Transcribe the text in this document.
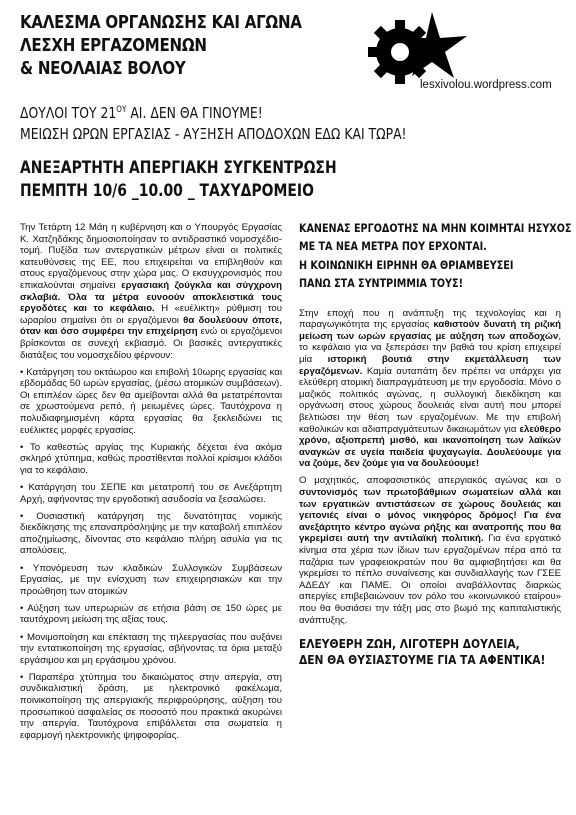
ΚΑΛΕΣΜΑ ΟΡΓΑΝΩΣΗΣ ΚΑΙ ΑΓΩΝΑ
ΛΕΣΧΗ ΕΡΓΑΖΟΜΕΝΩΝ
& ΝΕΟΛΑΙΑΣ ΒΟΛΟΥ
lesxivolou.wordpress.com
ΔΟΥΛΟΙ ΤΟΥ $21^{O\Upsilon}$ ΑΙ. ΔΕΝ ΘΑ ΓΙΝΟΥΜΕ!
ΜΕΙΩΣΗ ΩΡΩΝ ΕΡΓΑΣΙΑΣ - ΑΥΞΗΣΗ ΑΠΟΔΟΧΩΝ ΕΔΩ ΚΑΙ ΤΩΡΑ!
ΑΝΕΞΑΡΤΗΤΗ ΑΠΕΡΓΙΑΚΗ ΣΥΓΚΕΝΤΡΩΣΗ
ΠΕΜΠΤΗ 10/6 _10.00 _ ΤΑΧΥΔΡΟΜΕΙΟ

Την Τετάρτη 12 Μάη η κυβέρνηση και ο Υπουργός Εργασίας Κ. Χατζηδάκης δημοσιοποίησαν το αντιδραστικό νομοσχέδιο- τομή. Πυξίδα των αντεργατικών μέτρων είναι οι πολιτικές κατευθύνσεις της ΕΕ, που επιχειρείται να επιβληθούν και στους εργαζόμενους στην χώρα μας. Ο εκσυγχρονισμός που επικαλούνται σημαίνει εργασιακή ζούγκλα και σύγχρονη σκλαβιά. Όλα τα μέτρα ευνοούν αποκλειστικά τους εργοδότες και το κεφάλαιο. Η «ευέλικτη» ρύθμιση του ωραρίου σημαίνει ότι οι εργαζόμενοι θα δουλεύουν όποτε, όταν και όσο συμφέρει την επιχείρηση ενώ οι εργαζόμενοι βρίσκονται σε συνεχή εκβιασμό. Οι βασικές αντεργατικές διατάξεις του νομοσχεδίου φέρνουν:

• Κατάργηση του οκτάωρου και επιβολή 10ωρης εργασίας και εβδομάδας 50 ωρών εργασίας, (μέσω ατομικών συμβάσεων). Οι επιπλέον ώρες δεν θα αμείβονται αλλά θα μετατρέπονται σε χρωστούμενα ρεπό, ή μειωμένες ώρες. Ταυτόχρονα η πολυδιαφημισμένη κάρτα εργασίας θα ξεκλειδώνει τις ευέλικτες μορφές εργασίας.
• Το καθεστώς αργίας της Κυριακής δέχεται ένα ακόμα σκληρό χτύπημα, καθώς προστίθενται πολλοί κρίσιμοι κλάδοι για το κεφάλαιο.
• Κατάργηση του ΣΕΠΕ και μετατροπή του σε Ανεξάρτητη Αρχή, αφήνοντας την εργοδοτική ασυδοσία να ξεσαλώσει.
• Ουσιαστική κατάργηση της δυνατότητας νομικής διεκδίκησης της επαναπρόσληψης με την καταβολή επιπλέον αποζημίωσης, δίνοντας στο κεφάλαιο πλήρη ασυλία για τις απολύσεις.
• Υπονόμευση των κλαδικών Συλλογικών Συμβάσεων Εργασίας, με την ενίσχυση των επιχειρησιακών και την προώθηση των ατομικών
• Αύξηση των υπερωριών σε ετήσια βάση σε 150 ώρες με ταυτόχρονη μείωση της αξίας τους.
• Μονιμοποίηση και επέκταση της τηλεεργασίας που αυξάνει την εντατικοποίηση της εργασίας, σβήνοντας τα όρια μεταξύ εργάσιμου και μη εργάσιμου χρόνου.
• Παραπέρα χτύπημα του δικαιώματος στην απεργία, στη συνδικαλιστική δράση, με ηλεκτρονικό φακέλωμα, ποινικοποίηση της απεργιακής περιφρούρησης, αύξηση του προσωπικού ασφαλείας σε ποσοστό που πρακτικά ακυρώνει την απεργία. Ταυτόχρονα επιβάλλεται στα σωματεία η εφαρμογή ηλεκτρονικής ψηφοφορίας.
ΚΑΝΕΝΑΣ ΕΡΓΟΔΟΤΗΣ ΝΑ ΜΗΝ ΚΟΙΜΗΤΑΙ ΗΣΥΧΟΣ
ΜΕ ΤΑ ΝΕΑ ΜΕΤΡΑ ΠΟΥ ΕΡΧΟΝΤΑΙ.
Η ΚΟΙΝΩΝΙΚΗ ΕΙΡΗΝΗ ΘΑ ΘΡΙΑΜΒΕΥΣΕΙ
ΠΑΝΩ ΣΤΑ ΣΥΝΤΡΙΜΜΙΑ ΤΟΥΣ!

Στην εποχή που η ανάπτυξη της τεχνολογίας και η παραγωγικότητα της εργασίας καθιστούν δυνατή τη ριζική μείωση των ωρών εργασίας με αύξηση των αποδοχών, το κεφάλαιο για να ξεπεράσει την βαθιά του κρίση επιχειρεί μία ιστορική βουτιά στην εκμετάλλευση των εργαζόμενων. Καμία αυταπάτη δεν πρέπει να υπάρχει για ελεύθερη ατομική διαπραγμάτευση με την εργοδοσία. Μόνο ο μαζικός πολιτικός αγώνας, η συλλογική διεκδίκηση και οργάνωση στους χώρους δουλειάς είναι αυτή που μπορεί βελτιώσει την θέση των εργαζομένων. Με την επιβολή καθολικών και αδιαπραγμάτευτων δικαιωμάτων για ελεύθερο χρόνο, αξιοπρεπή μισθό, και ικανοποίηση των λαϊκών αναγκών σε υγεία παιδεία ψυχαγωγία. Δουλεύουμε για να ζούμε, δεν ζούμε για να δουλεύουμε!

Ο μαχητικός, αποφασιστικός απεργιακός αγώνας και ο συντονισμός των πρωτοβάθμιων σωματείων αλλά και των εργατικών αντιστάσεων σε χώρους δουλειάς και γειτονιές είναι ο μόνος νικηφόρος δρόμος! Για ένα ανεξάρτητο κέντρο αγώνα ρήξης και ανατροπής που θα γκρεμίσει αυτή την αντιλαϊκή πολιτική. Για ένα εργατικό κίνημα στα χέρια των ίδιων των εργαζομένων πέρα από τα παζάρια των γραφειοκρατών που θα αμφισβητήσει και θα γκρεμίσει το πέπλο συναίνεσης και συνδιαλλαγής των ΓΣΕΕ ΑΔΕΔΥ και ΠΑΜΕ. Οι οποίοι αναβάλλοντας διαρκώς απεργίες επιβεβαιώνουν τον ρόλο του «κοινωνικού εταίρου» που θα θυσιάσει την τάξη μας στο βωμό της καπιταλιστικής ανάπτυξης.

ΕΛΕΥΘΕΡΗ ΖΩΗ, ΛΙΓΟΤΕΡΗ ΔΟΥΛΕΙΑ,
ΔΕΝ ΘΑ ΘΥΣΙΑΣΤΟΥΜΕ ΓΙΑ ΤΑ ΑΦΕΝΤΙΚΑ!
